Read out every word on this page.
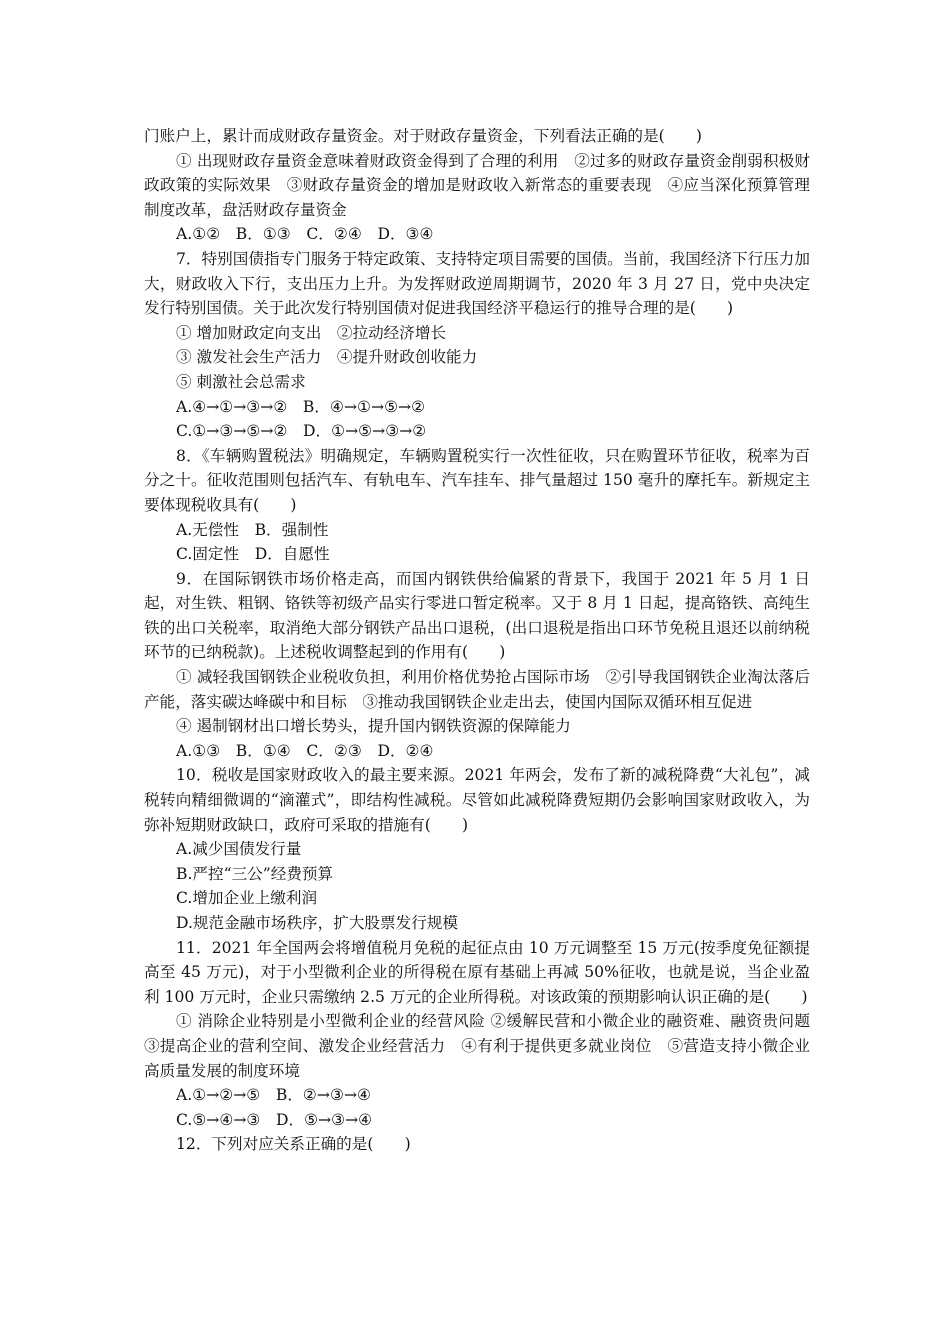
门账户上，累计而成财政存量资金。对于财政存量资金，下列看法正确的是(　　)

① 出现财政存量资金意味着财政资金得到了合理的利用　②过多的财政存量资金削弱积极财政政策的实际效果　③财政存量资金的增加是财政收入新常态的重要表现　④应当深化预算管理制度改革，盘活财政存量资金

A.①②　B．①③　C．②④　D．③④

7．特别国债指专门服务于特定政策、支持特定项目需要的国债。当前，我国经济下行压力加大，财政收入下行，支出压力上升。为发挥财政逆周期调节，2020 年 3 月 27 日，党中央决定发行特别国债。关于此次发行特别国债对促进我国经济平稳运行的推导合理的是(　　)

① 增加财政定向支出　②拉动经济增长

③ 激发社会生产活力　④提升财政创收能力

⑤ 刺激社会总需求

A.④→①→③→②　B．④→①→⑤→②

C.①→③→⑤→②　D．①→⑤→③→②

8．《车辆购置税法》明确规定，车辆购置税实行一次性征收，只在购置环节征收，税率为百分之十。征收范围则包括汽车、有轨电车、汽车挂车、排气量超过 150 毫升的摩托车。新规定主要体现税收具有(　　)

A.无偿性　B．强制性

C.固定性　D．自愿性

9．在国际钢铁市场价格走高，而国内钢铁供给偏紧的背景下，我国于 2021 年 5 月 1 日起，对生铁、粗钢、铬铁等初级产品实行零进口暂定税率。又于 8 月 1 日起，提高铬铁、高纯生铁的出口关税率，取消绝大部分钢铁产品出口退税，(出口退税是指出口环节免税且退还以前纳税环节的已纳税款)。上述税收调整起到的作用有(　　)

① 减轻我国钢铁企业税收负担，利用价格优势抢占国际市场　②引导我国钢铁企业淘汰落后产能，落实碳达峰碳中和目标　③推动我国钢铁企业走出去，使国内国际双循环相互促进

④ 遏制钢材出口增长势头，提升国内钢铁资源的保障能力

A.①③　B．①④　C．②③　D．②④

10．税收是国家财政收入的最主要来源。2021 年两会，发布了新的减税降费“大礼包”，减税转向精细微调的“滴灌式”，即结构性减税。尽管如此减税降费短期仍会影响国家财政收入，为弥补短期财政缺口，政府可采取的措施有(　　)

A.减少国债发行量

B.严控“三公”经费预算

C.增加企业上缴利润

D.规范金融市场秩序，扩大股票发行规模

11．2021 年全国两会将增值税月免税的起征点由 10 万元调整至 15 万元(按季度免征额提高至 45 万元)，对于小型微利企业的所得税在原有基础上再减 50%征收，也就是说，当企业盈利 100 万元时，企业只需缴纳 2.5 万元的企业所得税。对该政策的预期影响认识正确的是(　　)

① 消除企业特别是小型微利企业的经营风险 ②缓解民营和小微企业的融资难、融资贵问题　③提高企业的营利空间、激发企业经营活力　④有利于提供更多就业岗位　⑤营造支持小微企业高质量发展的制度环境

A.①→②→⑤　B．②→③→④

C.⑤→④→③　D．⑤→③→④

12．下列对应关系正确的是(　　)
